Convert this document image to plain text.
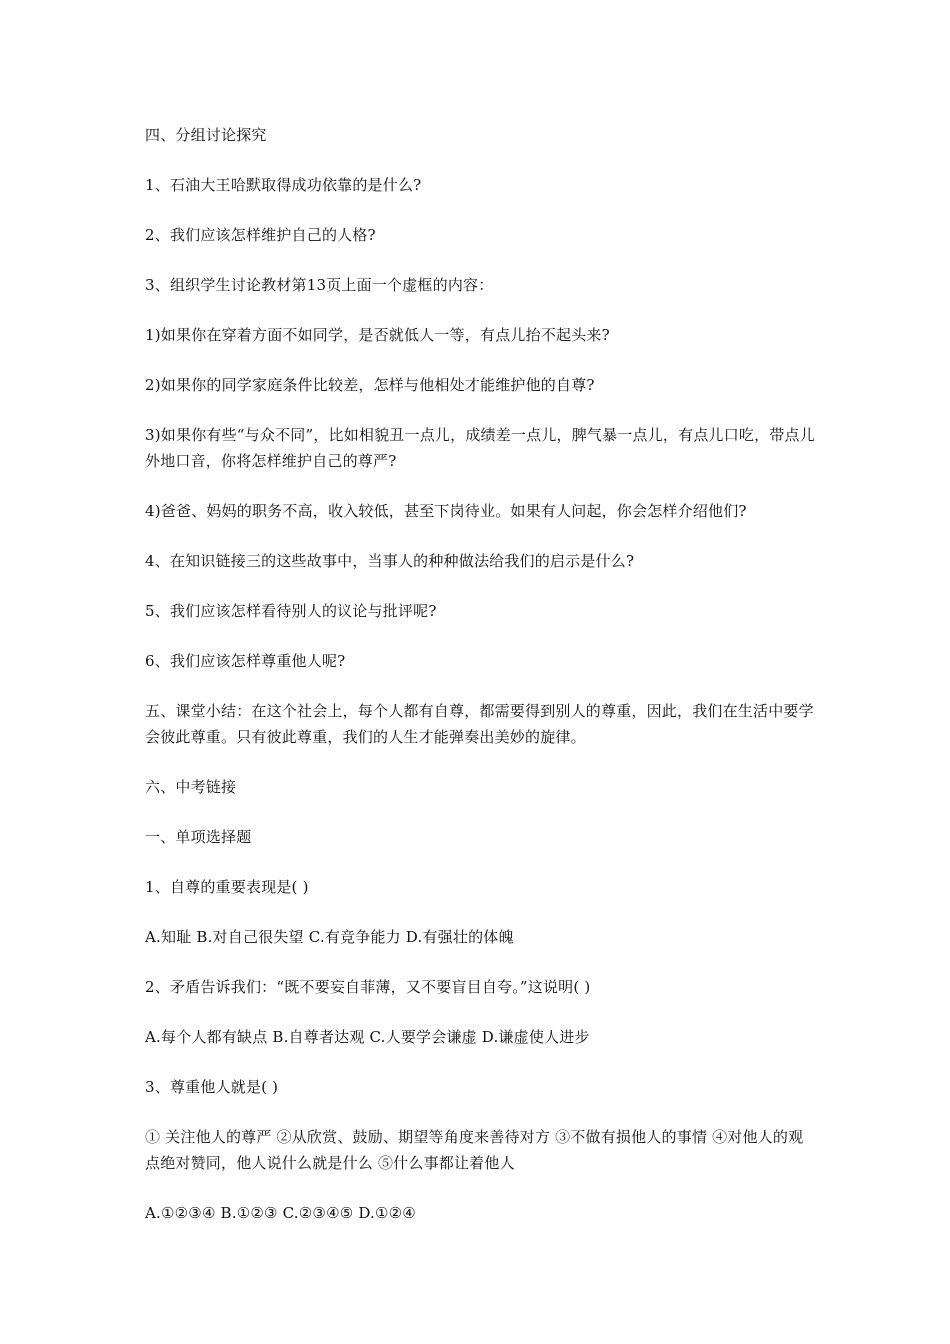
四、分组讨论探究

1、石油大王哈默取得成功依靠的是什么?

2、我们应该怎样维护自己的人格?

3、组织学生讨论教材第13页上面一个虚框的内容：

1)如果你在穿着方面不如同学，是否就低人一等，有点儿抬不起头来?

2)如果你的同学家庭条件比较差，怎样与他相处才能维护他的自尊?

3)如果你有些“与众不同”，比如相貌丑一点儿，成绩差一点儿，脾气暴一点儿，有点儿口吃，带点儿外地口音，你将怎样维护自己的尊严?

4)爸爸、妈妈的职务不高，收入较低，甚至下岗待业。如果有人问起，你会怎样介绍他们?

4、在知识链接三的这些故事中，当事人的种种做法给我们的启示是什么?

5、我们应该怎样看待别人的议论与批评呢?

6、我们应该怎样尊重他人呢?

五、课堂小结：在这个社会上，每个人都有自尊，都需要得到别人的尊重，因此，我们在生活中要学会彼此尊重。只有彼此尊重，我们的人生才能弹奏出美妙的旋律。

六、中考链接

一、单项选择题

1、自尊的重要表现是( )

A.知耻 B.对自己很失望 C.有竞争能力 D.有强壮的体魄

2、矛盾告诉我们：“既不要妄自菲薄，又不要盲目自夸。”这说明( )

A.每个人都有缺点 B.自尊者达观 C.人要学会谦虚 D.谦虚使人进步

3、尊重他人就是( )

① 关注他人的尊严 ②从欣赏、鼓励、期望等角度来善待对方 ③不做有损他人的事情 ④对他人的观点绝对赞同，他人说什么就是什么 ⑤什么事都让着他人

A.①②③④ B.①②③ C.②③④⑤ D.①②④
